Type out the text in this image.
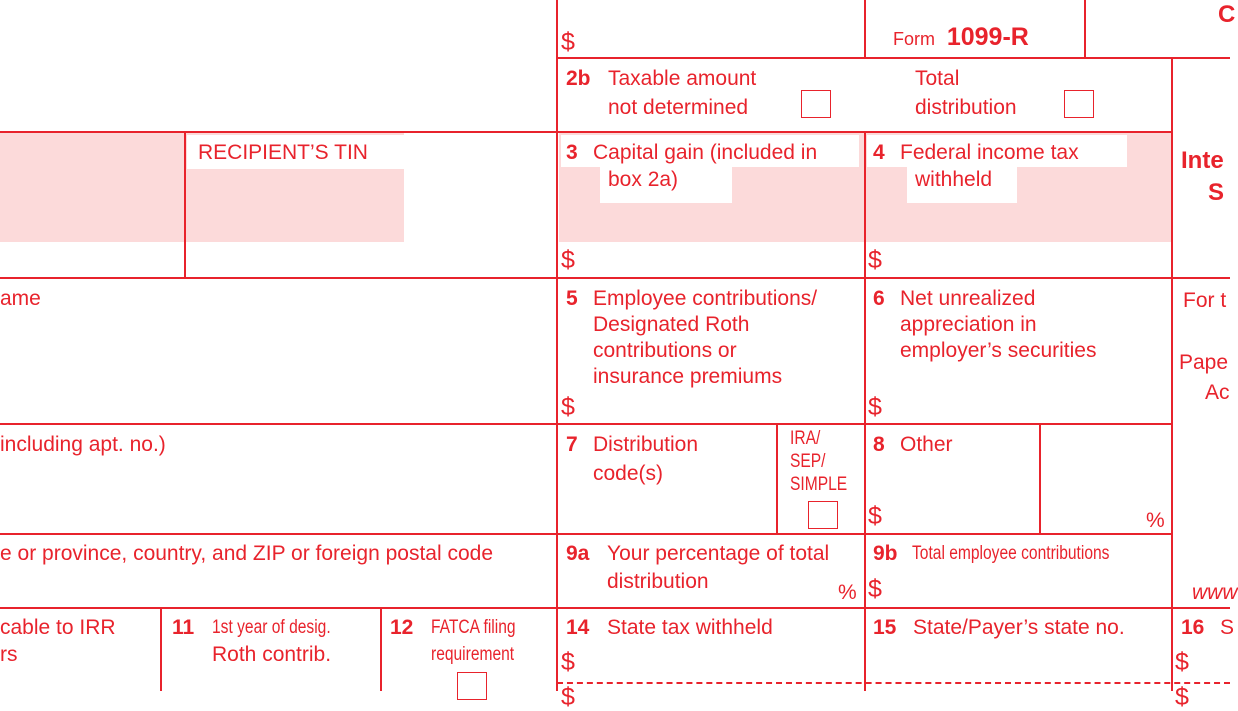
$	Form 1099-R
C
2b Taxable amount
not determined
Total
distribution
RECIPIENT’S TIN	3 Capital gain (included in
box 2a)
$
4 Federal income tax
withheld
$
Inte
S
For t
Pape
Ac
www
ame
including apt. no.)
e or province, country, and ZIP or foreign postal code
cable to IRR
rs
5 Employee contributions/
Designated Roth
contributions or
insurance premiums
$
6 Net unrealized
appreciation in
employer’s securities
$
7 Distribution
code(s)
IRA/
SEP/
SIMPLE
8 Other
$	%
9a Your percentage of total
distribution	%
9b Total employee contributions
$
11 1st year of desig.
Roth contrib.
12 FATCA filing
requirement
14 State tax withheld
$
$
15 State/Payer’s state no.	16 S
$
$
